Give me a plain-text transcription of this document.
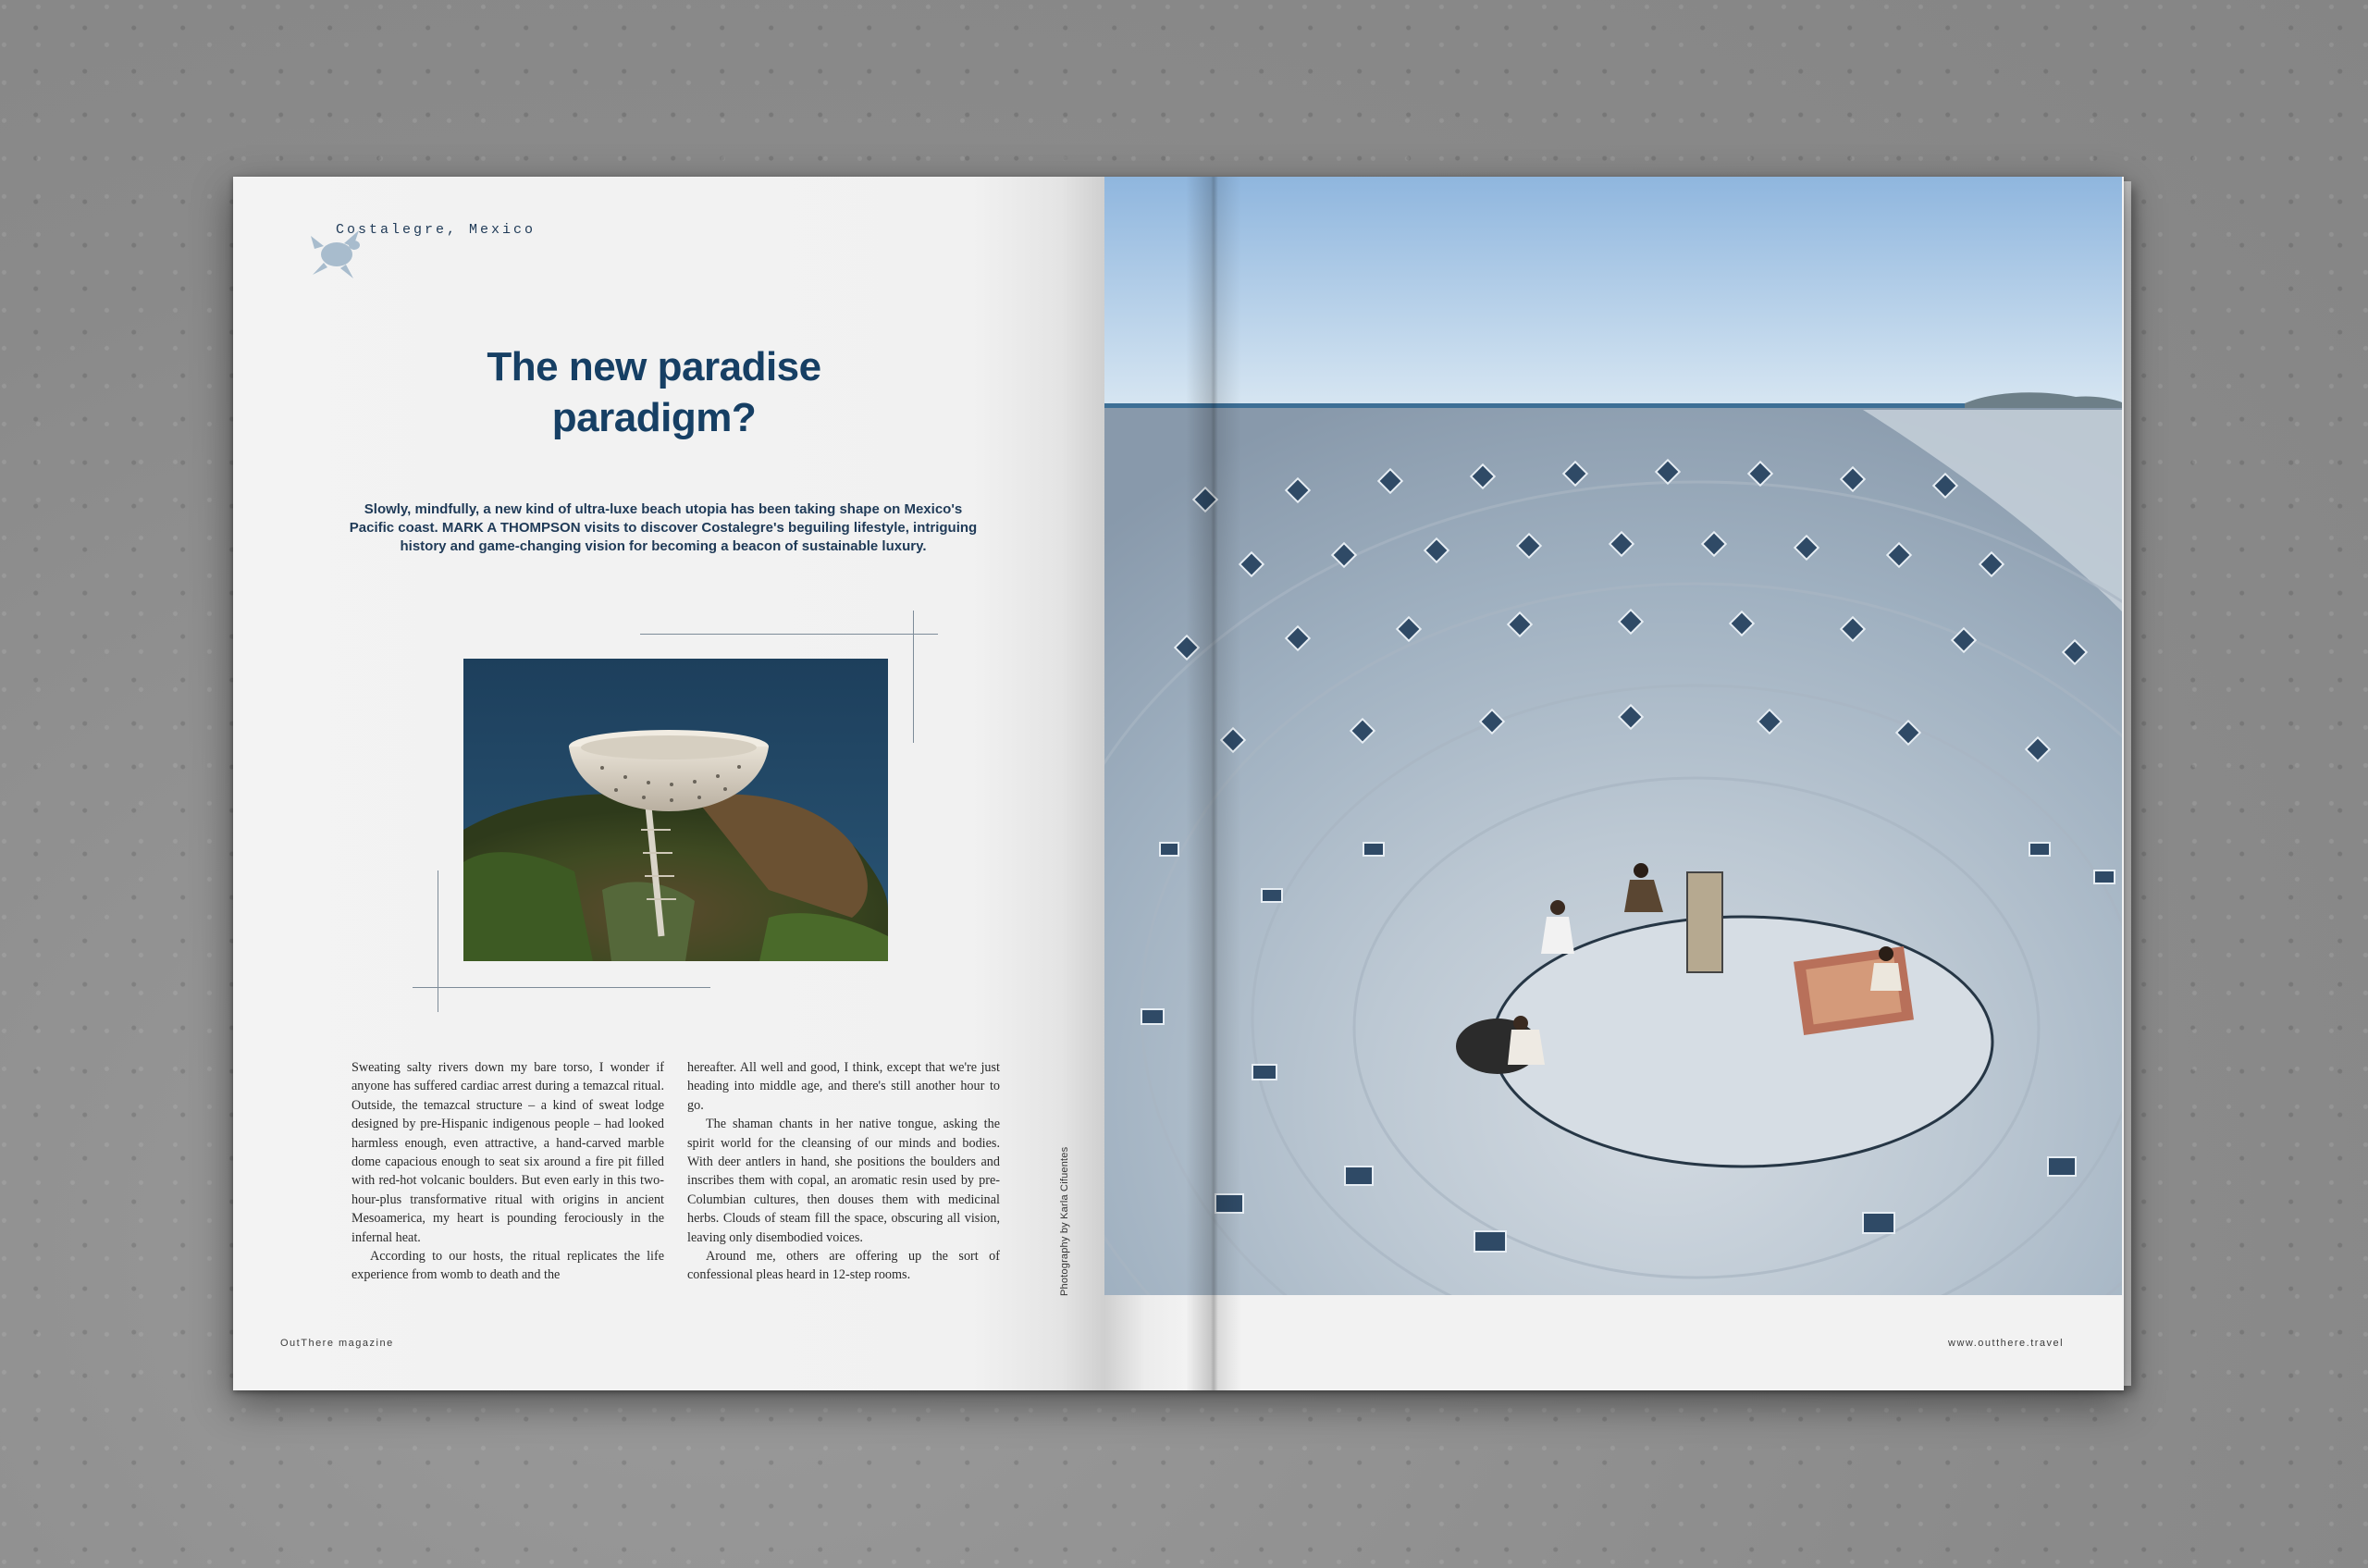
Costalegre, Mexico
The new paradise
paradigm?

Slowly, mindfully, a new kind of ultra-luxe beach utopia has been taking shape on Mexico's Pacific coast. MARK A THOMPSON visits to discover Costalegre's beguiling lifestyle, intriguing history and game-changing vision for becoming a beacon of sustainable luxury.

Sweating salty rivers down my bare torso, I wonder if anyone has suffered cardiac arrest during a temazcal ritual. Outside, the temazcal structure – a kind of sweat lodge designed by pre-Hispanic indigenous people – had looked harmless enough, even attractive, a hand-carved marble dome capacious enough to seat six around a fire pit filled with red-hot volcanic boulders. But even early in this two-hour-plus transformative ritual with origins in ancient Mesoamerica, my heart is pounding ferociously in the infernal heat.

According to our hosts, the ritual replicates the life experience from womb to death and the

hereafter. All well and good, I think, except that we're just heading into middle age, and there's still another hour to go.

The shaman chants in her native tongue, asking the spirit world for the cleansing of our minds and bodies. With deer antlers in hand, she positions the boulders and inscribes them with copal, an aromatic resin used by pre-Columbian cultures, then douses them with medicinal herbs. Clouds of steam fill the space, obscuring all vision, leaving only disembodied voices.

Around me, others are offering up the sort of confessional pleas heard in 12-step rooms.	Photography by Karla Cifuentes
OutThere magazine	www.outthere.travel
